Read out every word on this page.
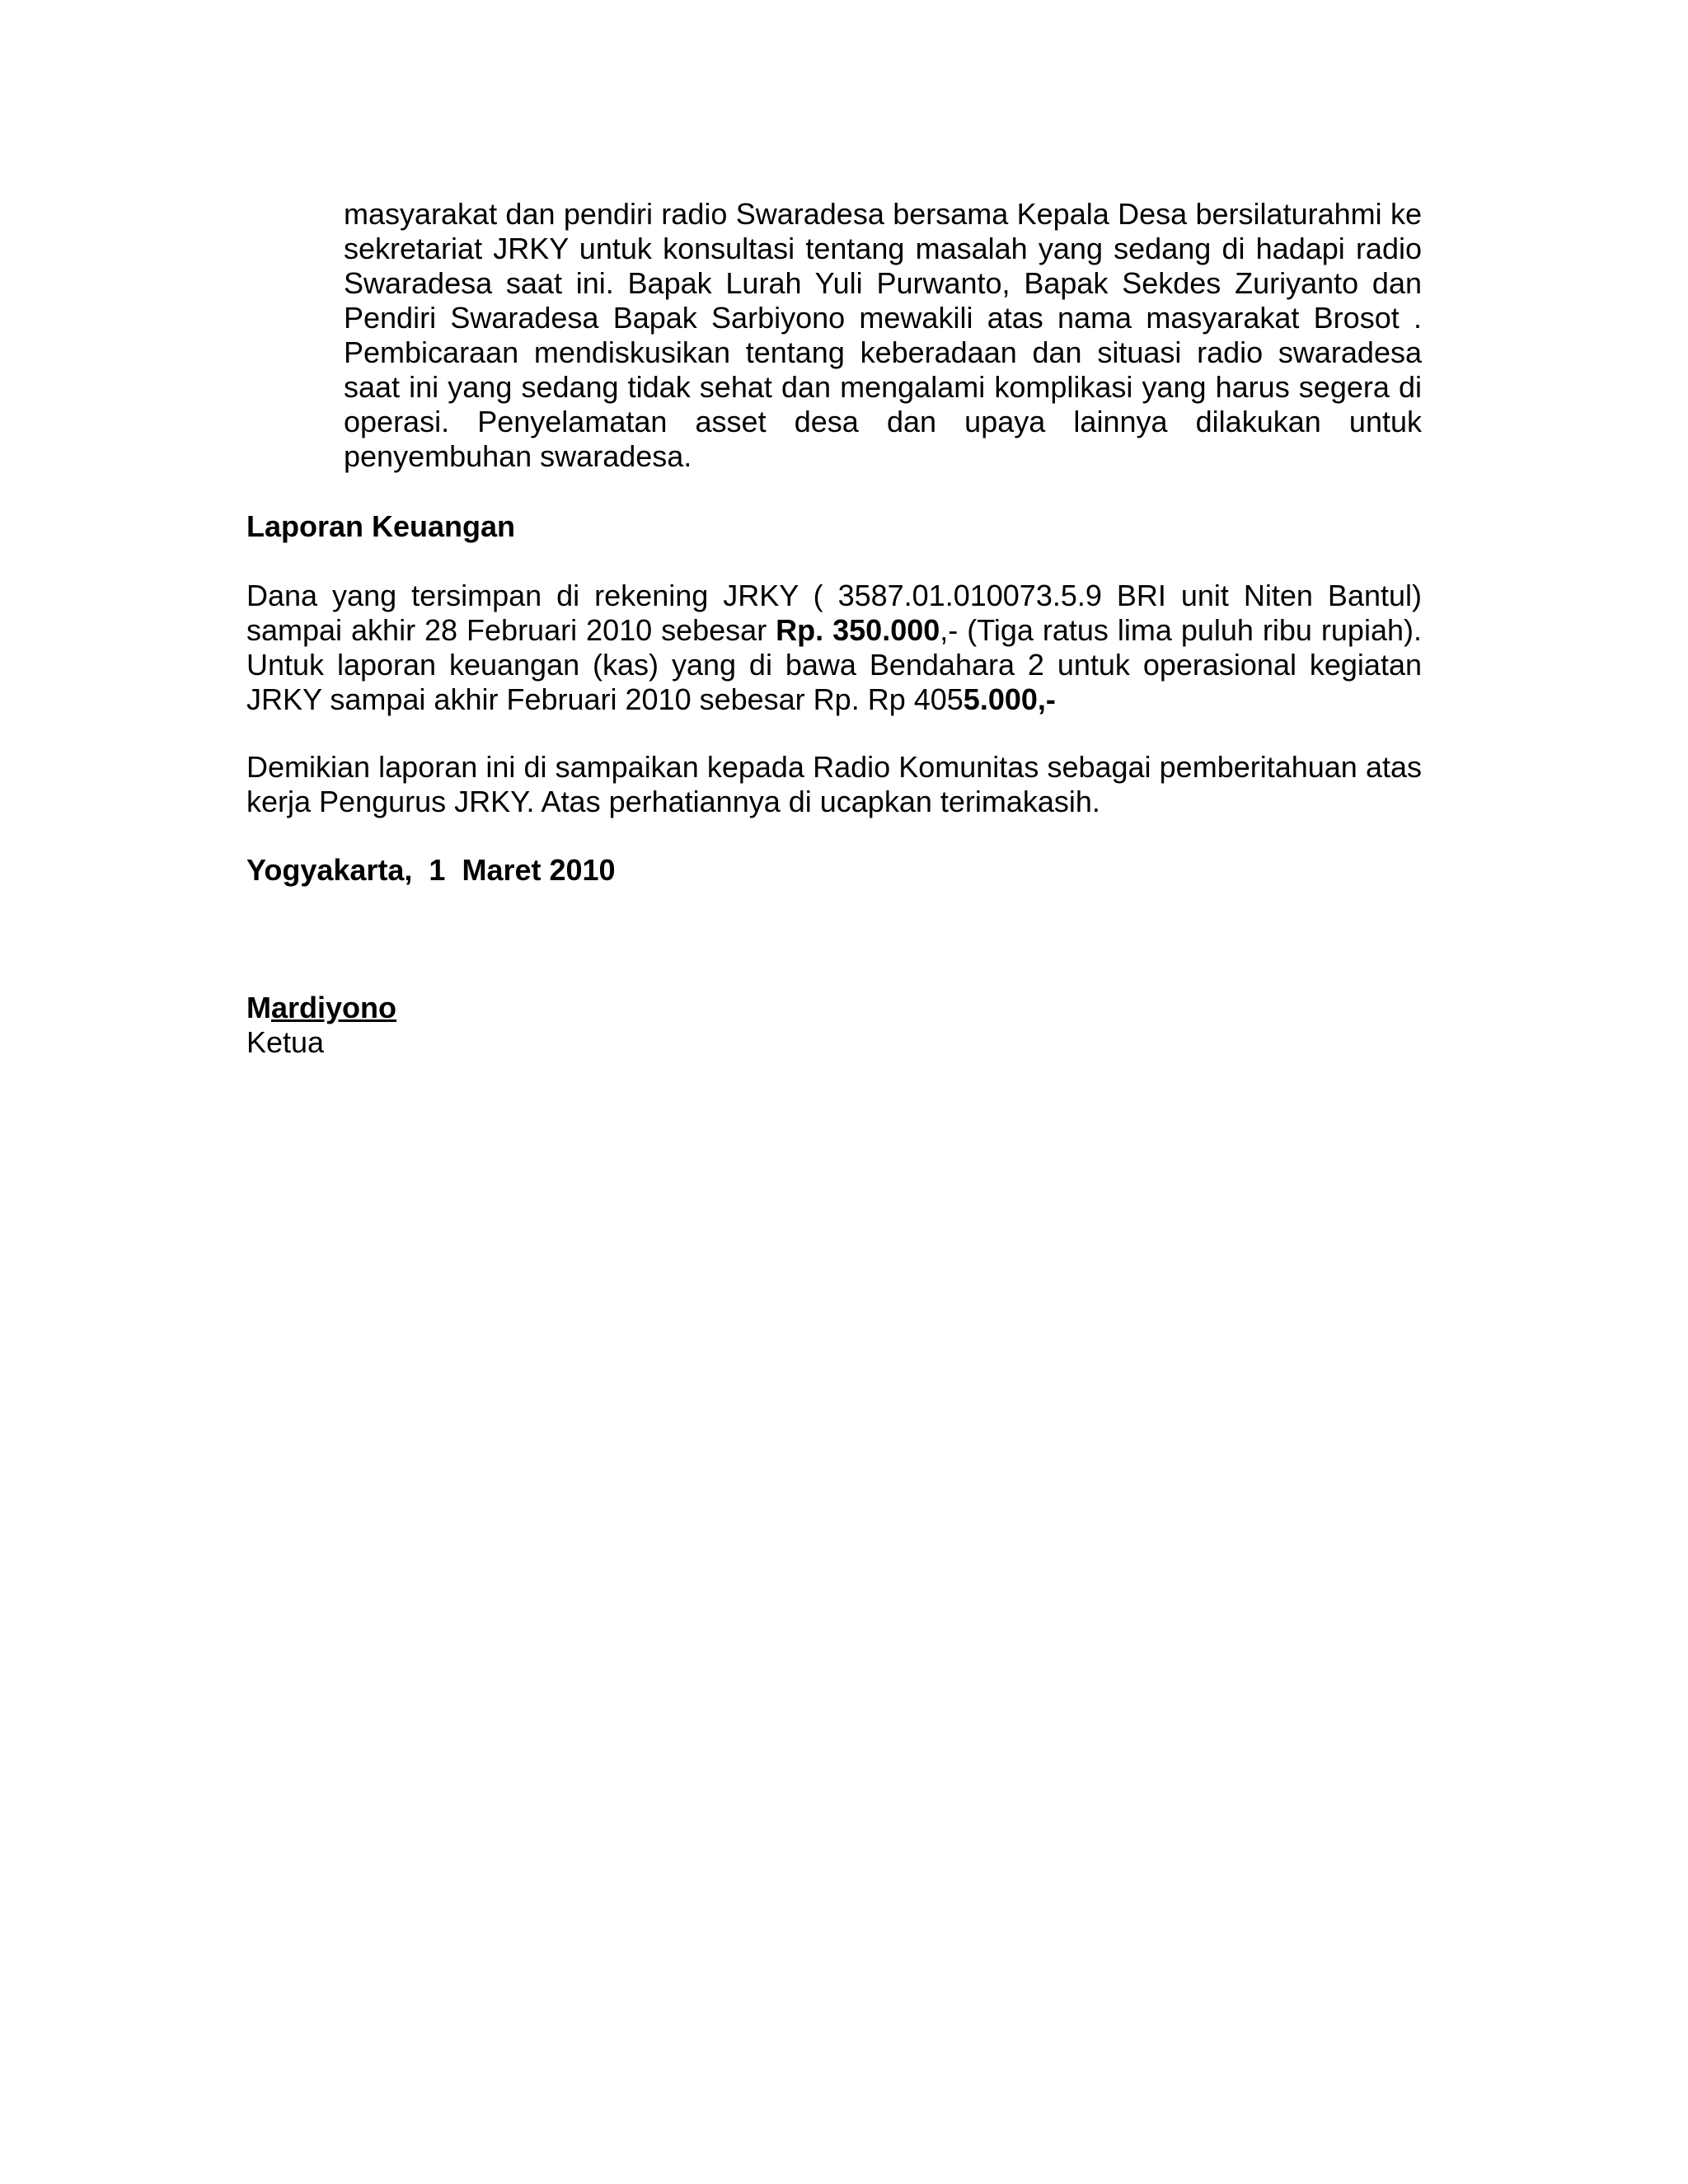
masyarakat dan pendiri radio Swaradesa bersama Kepala Desa bersilaturahmi ke sekretariat JRKY untuk konsultasi tentang masalah yang sedang di hadapi radio Swaradesa saat ini. Bapak Lurah Yuli Purwanto, Bapak Sekdes Zuriyanto dan Pendiri Swaradesa Bapak Sarbiyono mewakili atas nama masyarakat Brosot . Pembicaraan mendiskusikan tentang keberadaan dan situasi radio swaradesa saat ini yang sedang tidak sehat dan mengalami komplikasi yang harus segera di operasi. Penyelamatan asset desa dan upaya lainnya dilakukan untuk penyembuhan swaradesa.

Laporan Keuangan

Dana yang tersimpan di rekening JRKY ( 3587.01.010073.5.9 BRI unit Niten Bantul) sampai akhir 28 Februari 2010 sebesar Rp. 350.000,- (Tiga ratus lima puluh ribu rupiah). Untuk laporan keuangan (kas) yang di bawa Bendahara 2 untuk operasional kegiatan JRKY sampai akhir Februari 2010 sebesar Rp. Rp 4055.000,-

Demikian laporan ini di sampaikan kepada Radio Komunitas sebagai pemberitahuan atas kerja Pengurus JRKY. Atas perhatiannya di ucapkan terimakasih.

Yogyakarta,  1  Maret 2010
Mardiyono
Ketua
